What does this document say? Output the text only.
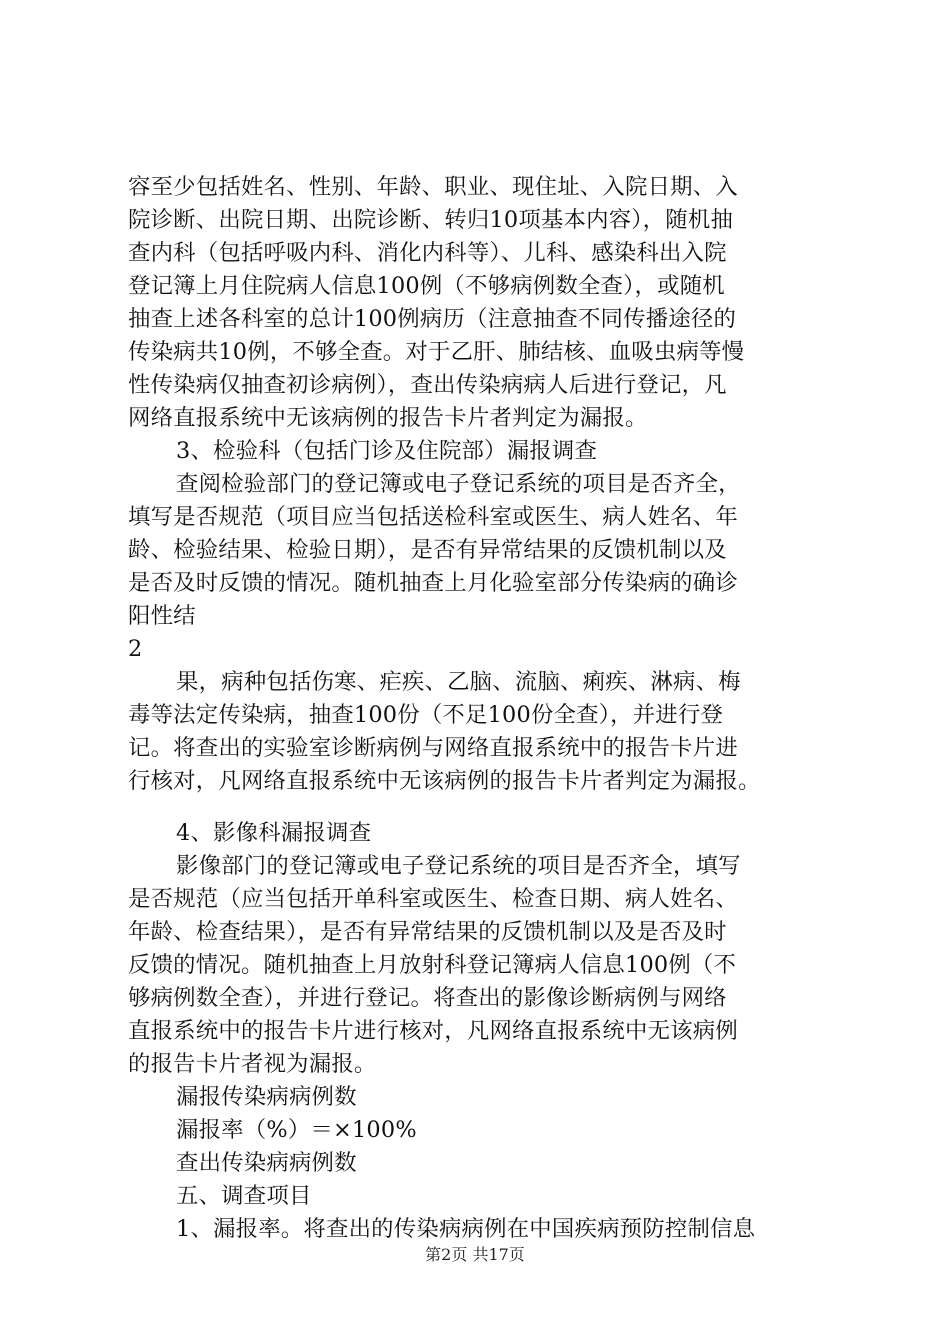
容至少包括姓名、性别、年龄、职业、现住址、入院日期、入
院诊断、出院日期、出院诊断、转归10项基本内容），随机抽
查内科（包括呼吸内科、消化内科等）、儿科、感染科出入院
登记簿上月住院病人信息100例（不够病例数全查），或随机
抽查上述各科室的总计100例病历（注意抽查不同传播途径的
传染病共10例，不够全查。对于乙肝、肺结核、血吸虫病等慢
性传染病仅抽查初诊病例），查出传染病病人后进行登记，凡
网络直报系统中无该病例的报告卡片者判定为漏报。
3、检验科（包括门诊及住院部）漏报调查
查阅检验部门的登记簿或电子登记系统的项目是否齐全，
填写是否规范（项目应当包括送检科室或医生、病人姓名、年
龄、检验结果、检验日期），是否有异常结果的反馈机制以及
是否及时反馈的情况。随机抽查上月化验室部分传染病的确诊
阳性结
2
果，病种包括伤寒、疟疾、乙脑、流脑、痢疾、淋病、梅
毒等法定传染病，抽查100份（不足100份全查），并进行登
记。将查出的实验室诊断病例与网络直报系统中的报告卡片进
行核对，凡网络直报系统中无该病例的报告卡片者判定为漏报。
4、影像科漏报调查
影像部门的登记簿或电子登记系统的项目是否齐全，填写
是否规范（应当包括开单科室或医生、检查日期、病人姓名、
年龄、检查结果），是否有异常结果的反馈机制以及是否及时
反馈的情况。随机抽查上月放射科登记簿病人信息100例（不
够病例数全查），并进行登记。将查出的影像诊断病例与网络
直报系统中的报告卡片进行核对，凡网络直报系统中无该病例
的报告卡片者视为漏报。
漏报传染病病例数
漏报率（%）＝×100%
查出传染病病例数
五、调查项目
1、漏报率。将查出的传染病病例在中国疾病预防控制信息
第2页 共17页
